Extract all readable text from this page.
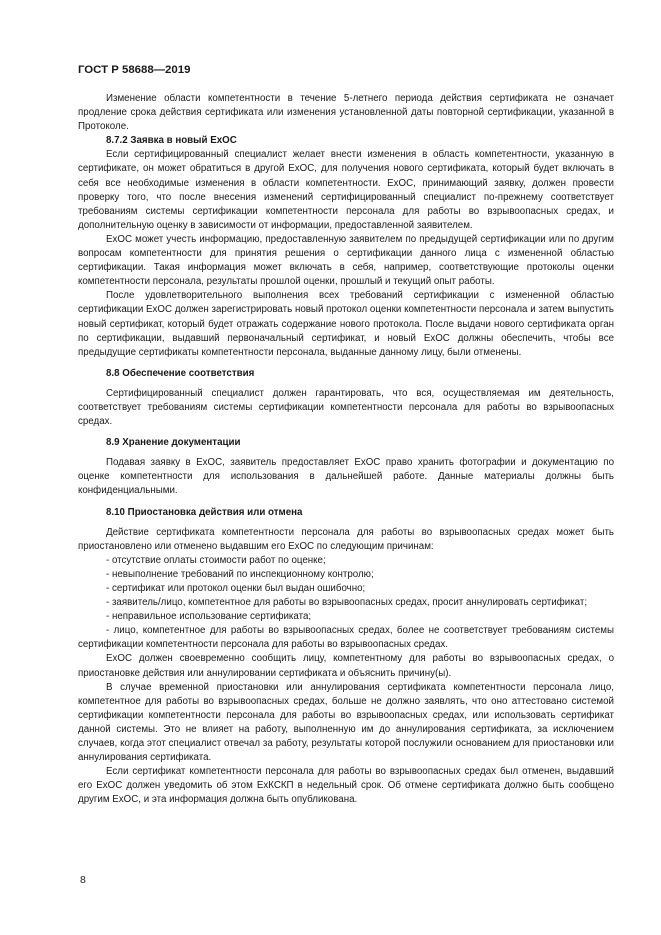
ГОСТ Р 58688—2019

Изменение области компетентности в течение 5-летнего периода действия сертификата не означает продление срока действия сертификата или изменения установленной даты повторной сертификации, указанной в Протоколе.

8.7.2 Заявка в новый ExOC

Если сертифицированный специалист желает внести изменения в область компетентности, указанную в сертификате, он может обратиться в другой ExOC, для получения нового сертификата, который будет включать в себя все необходимые изменения в области компетентности. ExOC, принимающий заявку, должен провести проверку того, что после внесения изменений сертифицированный специалист по-прежнему соответствует требованиям системы сертификации компетентности персонала для работы во взрывоопасных средах, и дополнительную оценку в зависимости от информации, предоставленной заявителем.

ExOC может учесть информацию, предоставленную заявителем по предыдущей сертификации или по другим вопросам компетентности для принятия решения о сертификации данного лица с измененной областью сертификации. Такая информация может включать в себя, например, соответствующие протоколы оценки компетентности персонала, результаты прошлой оценки, прошлый и текущий опыт работы.

После удовлетворительного выполнения всех требований сертификации с измененной областью сертификации ExOC должен зарегистрировать новый протокол оценки компетентности персонала и затем выпустить новый сертификат, который будет отражать содержание нового протокола. После выдачи нового сертификата орган по сертификации, выдавший первоначальный сертификат, и новый ExOC должны обеспечить, чтобы все предыдущие сертификаты компетентности персонала, выданные данному лицу, были отменены.

8.8 Обеспечение соответствия

Сертифицированный специалист должен гарантировать, что вся, осуществляемая им деятельность, соответствует требованиям системы сертификации компетентности персонала для работы во взрывоопасных средах.

8.9 Хранение документации

Подавая заявку в ExOC, заявитель предоставляет ExOC право хранить фотографии и документацию по оценке компетентности для использования в дальнейшей работе. Данные материалы должны быть конфиденциальными.

8.10 Приостановка действия или отмена

Действие сертификата компетентности персонала для работы во взрывоопасных средах может быть приостановлено или отменено выдавшим его ExOC по следующим причинам:

- отсутствие оплаты стоимости работ по оценке;

- невыполнение требований по инспекционному контролю;

- сертификат или протокол оценки был выдан ошибочно;

- заявитель/лицо, компетентное для работы во взрывоопасных средах, просит аннулировать сертификат;

- неправильное использование сертификата;

- лицо, компетентное для работы во взрывоопасных средах, более не соответствует требованиям системы сертификации компетентности персонала для работы во взрывоопасных средах.

ExOC должен своевременно сообщить лицу, компетентному для работы во взрывоопасных средах, о приостановке действия или аннулировании сертификата и объяснить причину(ы).

В случае временной приостановки или аннулирования сертификата компетентности персонала лицо, компетентное для работы во взрывоопасных средах, больше не должно заявлять, что оно аттестовано системой сертификации компетентности персонала для работы во взрывоопасных средах, или использовать сертификат данной системы. Это не влияет на работу, выполненную им до аннулирования сертификата, за исключением случаев, когда этот специалист отвечал за работу, результаты которой послужили основанием для приостановки или аннулирования сертификата.

Если сертификат компетентности персонала для работы во взрывоопасных средах был отменен, выдавший его ExOC должен уведомить об этом ExКСКП в недельный срок. Об отмене сертификата должно быть сообщено другим ExOC, и эта информация должна быть опубликована.

8
